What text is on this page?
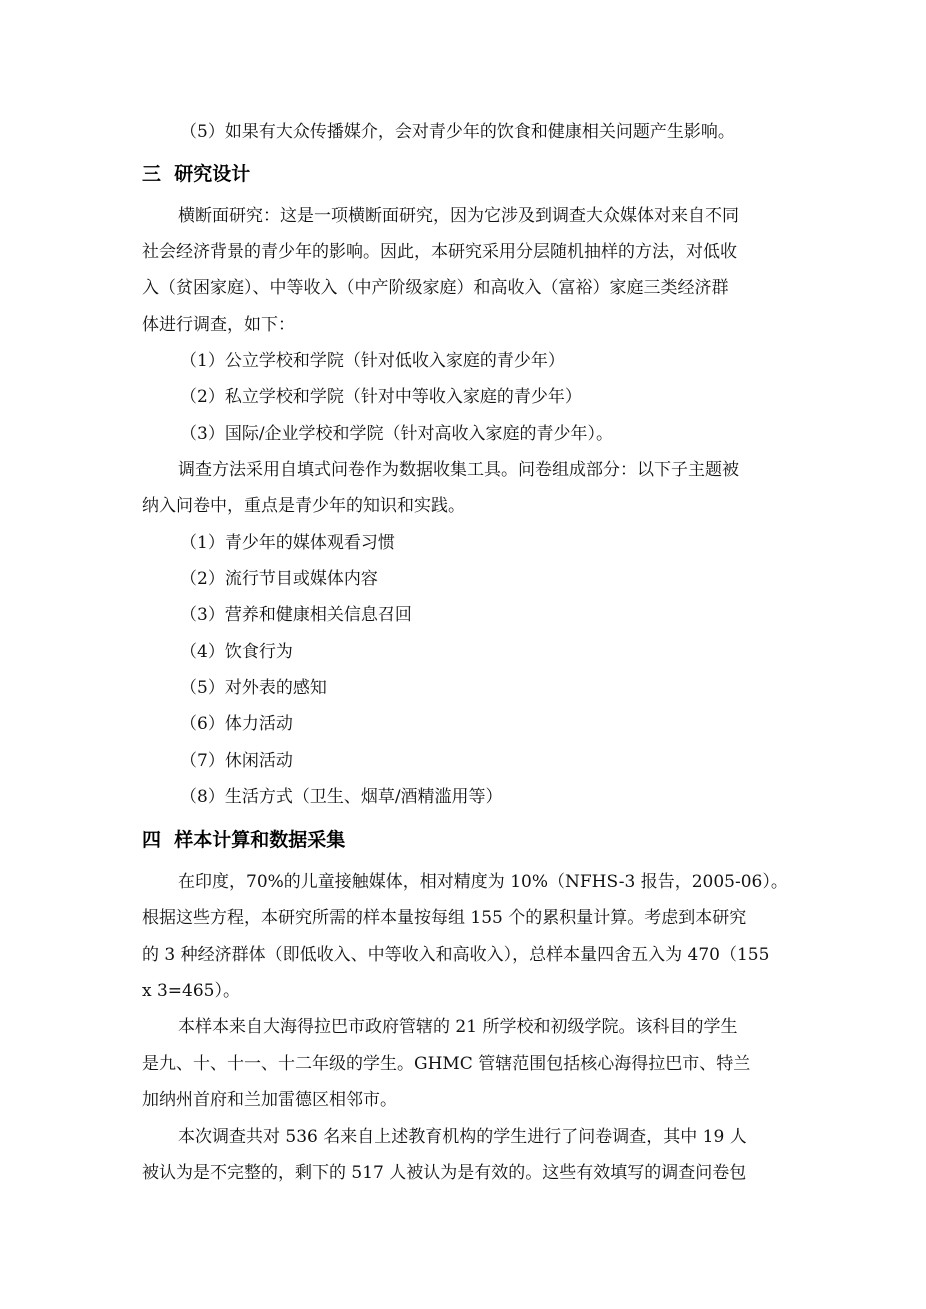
（5）如果有大众传播媒介，会对青少年的饮食和健康相关问题产生影响。
三  研究设计
横断面研究：这是一项横断面研究，因为它涉及到调查大众媒体对来自不同
社会经济背景的青少年的影响。因此，本研究采用分层随机抽样的方法，对低收
入（贫困家庭）、中等收入（中产阶级家庭）和高收入（富裕）家庭三类经济群
体进行调查，如下：
（1）公立学校和学院（针对低收入家庭的青少年）
（2）私立学校和学院（针对中等收入家庭的青少年）
（3）国际/企业学校和学院（针对高收入家庭的青少年）。
调查方法采用自填式问卷作为数据收集工具。问卷组成部分：以下子主题被
纳入问卷中，重点是青少年的知识和实践。
（1）青少年的媒体观看习惯
（2）流行节目或媒体内容
（3）营养和健康相关信息召回
（4）饮食行为
（5）对外表的感知
（6）体力活动
（7）休闲活动
（8）生活方式（卫生、烟草/酒精滥用等）
四  样本计算和数据采集
在印度，70%的儿童接触媒体，相对精度为 10%（NFHS-3 报告，2005-06）。
根据这些方程，本研究所需的样本量按每组 155 个的累积量计算。考虑到本研究
的 3 种经济群体（即低收入、中等收入和高收入），总样本量四舍五入为 470（155
x 3=465）。
本样本来自大海得拉巴市政府管辖的 21 所学校和初级学院。该科目的学生
是九、十、十一、十二年级的学生。GHMC 管辖范围包括核心海得拉巴市、特兰
加纳州首府和兰加雷德区相邻市。
本次调查共对 536 名来自上述教育机构的学生进行了问卷调查，其中 19 人
被认为是不完整的，剩下的 517 人被认为是有效的。这些有效填写的调查问卷包
